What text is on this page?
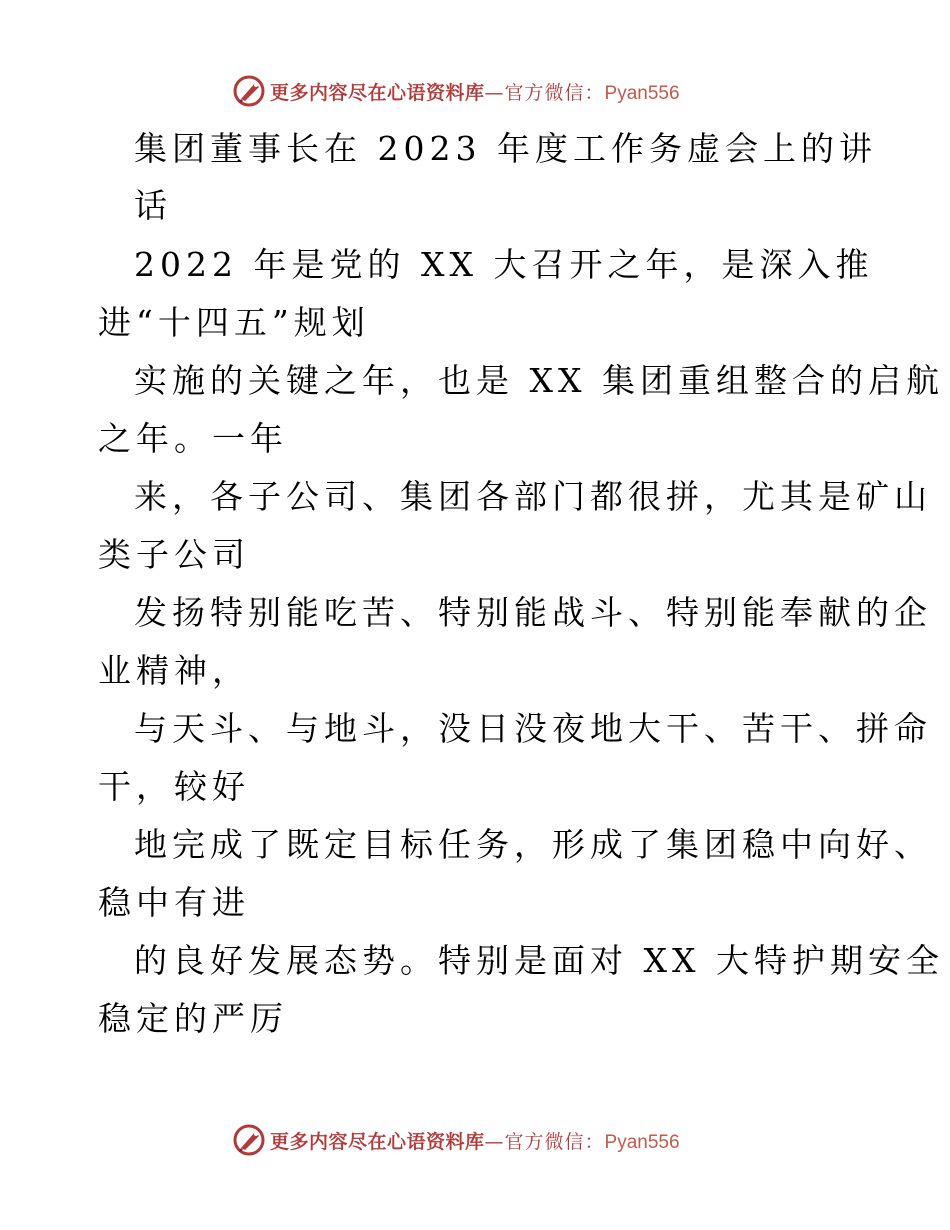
更多内容尽在心语资料库—官方微信：Pyan556
集团董事长在 2023 年度工作务虚会上的讲
话
2022 年是党的 XX 大召开之年，是深入推
进“十四五”规划
实施的关键之年，也是 XX 集团重组整合的启航
之年。一年
来，各子公司、集团各部门都很拼，尤其是矿山
类子公司
发扬特别能吃苦、特别能战斗、特别能奉献的企
业精神，
与天斗、与地斗，没日没夜地大干、苦干、拼命
干，较好
地完成了既定目标任务，形成了集团稳中向好、
稳中有进
的良好发展态势。特别是面对 XX 大特护期安全
稳定的严厉
更多内容尽在心语资料库—官方微信：Pyan556
